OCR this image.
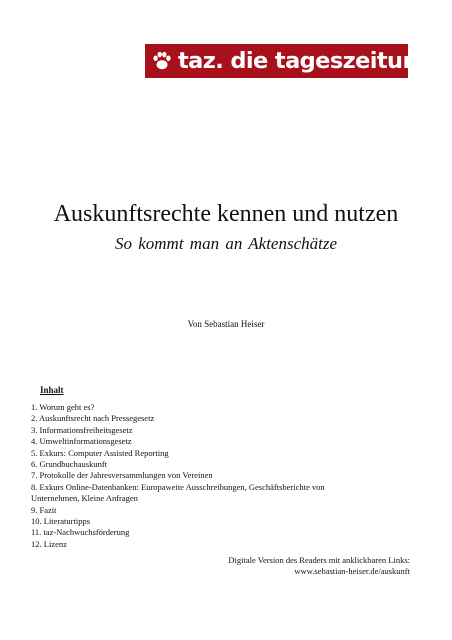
taz. die tageszeitung
Auskunftsrechte kennen und nutzen
So kommt man an Aktenschätze
Von Sebastian Heiser
Inhalt
1. Worum geht es?
2. Auskunftsrecht nach Pressegesetz
3. Informationsfreiheitsgesetz
4. Umweltinformationsgesetz
5. Exkurs: Computer Assisted Reporting
6. Grundbuchauskunft
7. Protokolle der Jahresversammlungen von Vereinen
8. Exkurs Online-Datenbanken: Europaweite Ausschreibungen, Geschäftsberichte von
Unternehmen, Kleine Anfragen
9. Fazit
10. Literaturtipps
11. taz-Nachwuchsförderung
12. Lizenz
Digitale Version des Readers mit anklickbaren Links:
www.sebastian-heiser.de/auskunft
